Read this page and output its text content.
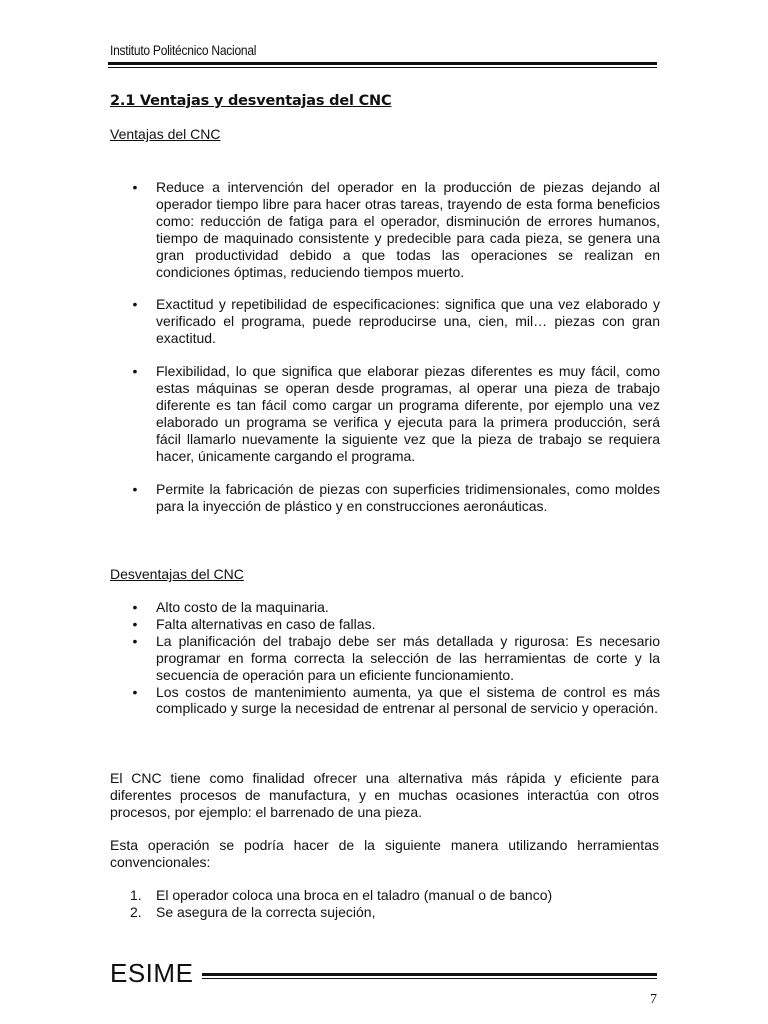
Instituto Politécnico Nacional
2.1 Ventajas y desventajas del CNC

Ventajas del CNC

• Reduce a intervención del operador en la producción de piezas dejando al operador tiempo libre para hacer otras tareas, trayendo de esta forma beneficios como: reducción de fatiga para el operador, disminución de errores humanos, tiempo de maquinado consistente y predecible para cada pieza, se genera una gran productividad debido a que todas las operaciones se realizan en condiciones óptimas, reduciendo tiempos muerto.
• Exactitud y repetibilidad de especificaciones: significa que una vez elaborado y verificado el programa, puede reproducirse una, cien, mil… piezas con gran exactitud.
• Flexibilidad, lo que significa que elaborar piezas diferentes es muy fácil, como estas máquinas se operan desde programas, al operar una pieza de trabajo diferente es tan fácil como cargar un programa diferente, por ejemplo una vez elaborado un programa se verifica y ejecuta para la primera producción, será fácil llamarlo nuevamente la siguiente vez que la pieza de trabajo se requiera hacer, únicamente cargando el programa.
• Permite la fabricación de piezas con superficies tridimensionales, como moldes para la inyección de plástico y en construcciones aeronáuticas.

Desventajas del CNC

• Alto costo de la maquinaria.
• Falta alternativas en caso de fallas.
• La planificación del trabajo debe ser más detallada y rigurosa: Es necesario programar en forma correcta la selección de las herramientas de corte y la secuencia de operación para un eficiente funcionamiento.
• Los costos de mantenimiento aumenta, ya que el sistema de control es más complicado y surge la necesidad de entrenar al personal de servicio y operación.

El CNC tiene como finalidad ofrecer una alternativa más rápida y eficiente para diferentes procesos de manufactura, y en muchas ocasiones interactúa con otros procesos, por ejemplo: el barrenado de una pieza.

Esta operación se podría hacer de la siguiente manera utilizando herramientas convencionales:

1. El operador coloca una broca en el taladro (manual o de banco)
2. Se asegura de la correcta sujeción,
ESIME
7
